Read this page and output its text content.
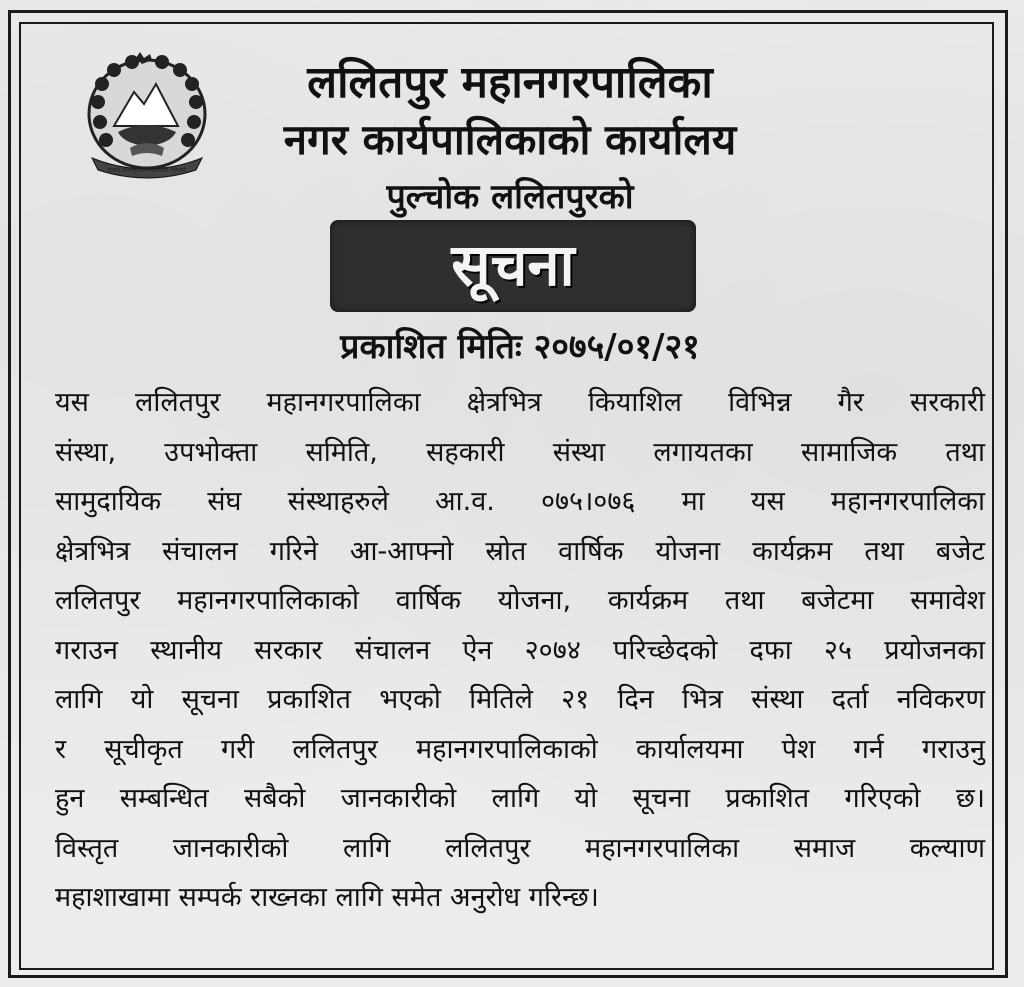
जननी जन्मभूमिश्च स्वर्गादपि गरीयसी
ललितपुर महानगरपालिका
नगर कार्यपालिकाको कार्यालय
पुल्चोक ललितपुरको
सूचना
प्रकाशित मितिः २०७५/०१/२१
यस ललितपुर महानगरपालिका क्षेत्रभित्र कियाशिल विभिन्न गैर सरकारी
संस्था, उपभोक्ता समिति, सहकारी संस्था लगायतका सामाजिक तथा
सामुदायिक संघ संस्थाहरुले आ.व. ०७५।०७६ मा यस महानगरपालिका
क्षेत्रभित्र संचालन गरिने आ-आफ्नो स्रोत वार्षिक योजना कार्यक्रम तथा बजेट
ललितपुर महानगरपालिकाको वार्षिक योजना, कार्यक्रम तथा बजेटमा समावेश
गराउन स्थानीय सरकार संचालन ऐन २०७४ परिच्छेदको दफा २५ प्रयोजनका
लागि यो सूचना प्रकाशित भएको मितिले २१ दिन भित्र संस्था दर्ता नविकरण
र सूचीकृत गरी ललितपुर महानगरपालिकाको कार्यालयमा पेश गर्न गराउनु
हुन सम्बन्धित सबैको जानकारीको लागि यो सूचना प्रकाशित गरिएको छ।
विस्तृत जानकारीको लागि ललितपुर महानगरपालिका समाज कल्याण
महाशाखामा सम्पर्क राख्नका लागि समेत अनुरोध गरिन्छ।
